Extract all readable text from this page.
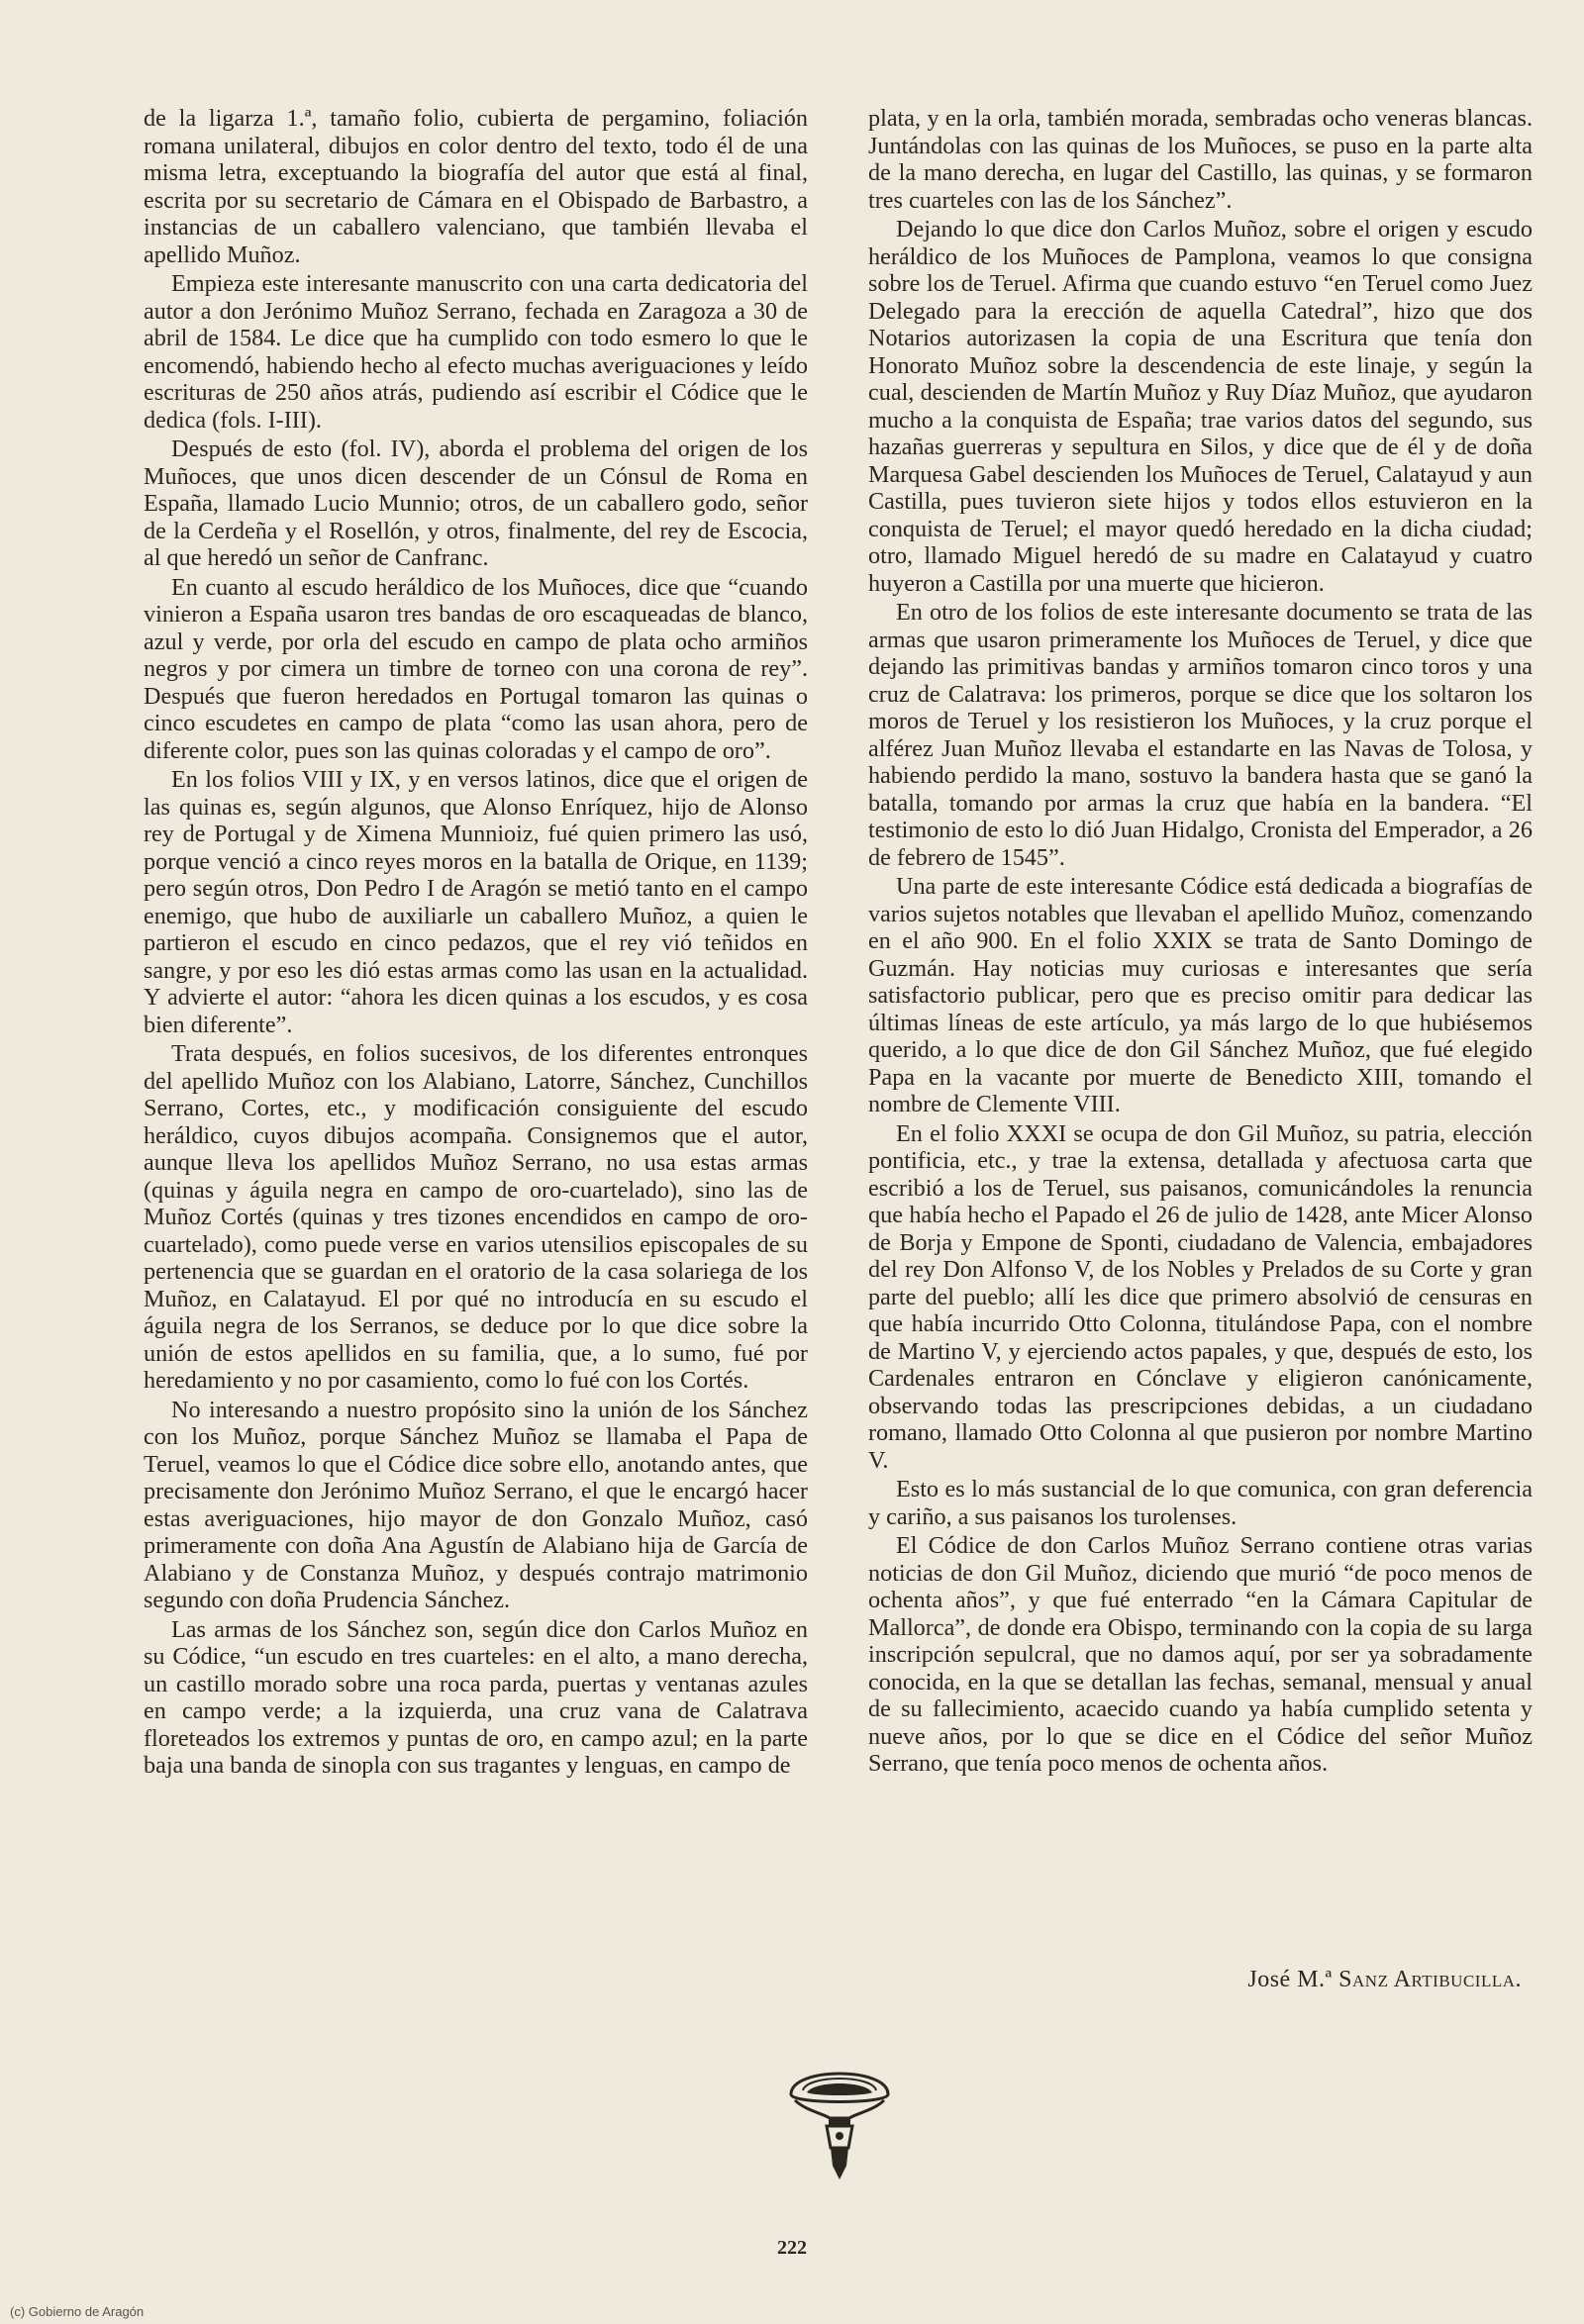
de la ligarza 1.ª, tamaño folio, cubierta de pergamino, foliación romana unilateral, dibujos en color dentro del texto, todo él de una misma letra, exceptuando la biografía del autor que está al final, escrita por su secretario de Cámara en el Obispado de Barbastro, a instancias de un caballero valenciano, que también llevaba el apellido Muñoz.

Empieza este interesante manuscrito con una carta dedicatoria del autor a don Jerónimo Muñoz Serrano, fechada en Zaragoza a 30 de abril de 1584. Le dice que ha cumplido con todo esmero lo que le encomendó, habiendo hecho al efecto muchas averiguaciones y leído escrituras de 250 años atrás, pudiendo así escribir el Códice que le dedica (fols. I-III).

Después de esto (fol. IV), aborda el problema del origen de los Muñoces, que unos dicen descender de un Cónsul de Roma en España, llamado Lucio Munnio; otros, de un caballero godo, señor de la Cerdeña y el Rosellón, y otros, finalmente, del rey de Escocia, al que heredó un señor de Canfranc.

En cuanto al escudo heráldico de los Muñoces, dice que “cuando vinieron a España usaron tres bandas de oro escaqueadas de blanco, azul y verde, por orla del escudo en campo de plata ocho armiños negros y por cimera un timbre de torneo con una corona de rey”. Después que fueron heredados en Portugal tomaron las quinas o cinco escudetes en campo de plata “como las usan ahora, pero de diferente color, pues son las quinas coloradas y el campo de oro”.

En los folios VIII y IX, y en versos latinos, dice que el origen de las quinas es, según algunos, que Alonso Enríquez, hijo de Alonso rey de Portugal y de Ximena Munnioiz, fué quien primero las usó, porque venció a cinco reyes moros en la batalla de Orique, en 1139; pero según otros, Don Pedro I de Aragón se metió tanto en el campo enemigo, que hubo de auxiliarle un caballero Muñoz, a quien le partieron el escudo en cinco pedazos, que el rey vió teñidos en sangre, y por eso les dió estas armas como las usan en la actualidad. Y advierte el autor: “ahora les dicen quinas a los escudos, y es cosa bien diferente”.

Trata después, en folios sucesivos, de los diferentes entronques del apellido Muñoz con los Alabiano, Latorre, Sánchez, Cunchillos Serrano, Cortes, etc., y modificación consiguiente del escudo heráldico, cuyos dibujos acompaña. Consignemos que el autor, aunque lleva los apellidos Muñoz Serrano, no usa estas armas (quinas y águila negra en campo de oro-cuartelado), sino las de Muñoz Cortés (quinas y tres tizones encendidos en campo de oro-cuartelado), como puede verse en varios utensilios episcopales de su pertenencia que se guardan en el oratorio de la casa solariega de los Muñoz, en Calatayud. El por qué no introducía en su escudo el águila negra de los Serranos, se deduce por lo que dice sobre la unión de estos apellidos en su familia, que, a lo sumo, fué por heredamiento y no por casamiento, como lo fué con los Cortés.

No interesando a nuestro propósito sino la unión de los Sánchez con los Muñoz, porque Sánchez Muñoz se llamaba el Papa de Teruel, veamos lo que el Códice dice sobre ello, anotando antes, que precisamente don Jerónimo Muñoz Serrano, el que le encargó hacer estas averiguaciones, hijo mayor de don Gonzalo Muñoz, casó primeramente con doña Ana Agustín de Alabiano hija de García de Alabiano y de Constanza Muñoz, y después contrajo matrimonio segundo con doña Prudencia Sánchez.

Las armas de los Sánchez son, según dice don Carlos Muñoz en su Códice, “un escudo en tres cuarteles: en el alto, a mano derecha, un castillo morado sobre una roca parda, puertas y ventanas azules en campo verde; a la izquierda, una cruz vana de Calatrava floreteados los extremos y puntas de oro, en campo azul; en la parte baja una banda de sinopla con sus tragantes y lenguas, en campo de

plata, y en la orla, también morada, sembradas ocho veneras blancas. Juntándolas con las quinas de los Muñoces, se puso en la parte alta de la mano derecha, en lugar del Castillo, las quinas, y se formaron tres cuarteles con las de los Sánchez”.

Dejando lo que dice don Carlos Muñoz, sobre el origen y escudo heráldico de los Muñoces de Pamplona, veamos lo que consigna sobre los de Teruel. Afirma que cuando estuvo “en Teruel como Juez Delegado para la erección de aquella Catedral”, hizo que dos Notarios autorizasen la copia de una Escritura que tenía don Honorato Muñoz sobre la descendencia de este linaje, y según la cual, descienden de Martín Muñoz y Ruy Díaz Muñoz, que ayudaron mucho a la conquista de España; trae varios datos del segundo, sus hazañas guerreras y sepultura en Silos, y dice que de él y de doña Marquesa Gabel descienden los Muñoces de Teruel, Calatayud y aun Castilla, pues tuvieron siete hijos y todos ellos estuvieron en la conquista de Teruel; el mayor quedó heredado en la dicha ciudad; otro, llamado Miguel heredó de su madre en Calatayud y cuatro huyeron a Castilla por una muerte que hicieron.

En otro de los folios de este interesante documento se trata de las armas que usaron primeramente los Muñoces de Teruel, y dice que dejando las primitivas bandas y armiños tomaron cinco toros y una cruz de Calatrava: los primeros, porque se dice que los soltaron los moros de Teruel y los resistieron los Muñoces, y la cruz porque el alférez Juan Muñoz llevaba el estandarte en las Navas de Tolosa, y habiendo perdido la mano, sostuvo la bandera hasta que se ganó la batalla, tomando por armas la cruz que había en la bandera. “El testimonio de esto lo dió Juan Hidalgo, Cronista del Emperador, a 26 de febrero de 1545”.

Una parte de este interesante Códice está dedicada a biografías de varios sujetos notables que llevaban el apellido Muñoz, comenzando en el año 900. En el folio XXIX se trata de Santo Domingo de Guzmán. Hay noticias muy curiosas e interesantes que sería satisfactorio publicar, pero que es preciso omitir para dedicar las últimas líneas de este artículo, ya más largo de lo que hubiésemos querido, a lo que dice de don Gil Sánchez Muñoz, que fué elegido Papa en la vacante por muerte de Benedicto XIII, tomando el nombre de Clemente VIII.

En el folio XXXI se ocupa de don Gil Muñoz, su patria, elección pontificia, etc., y trae la extensa, detallada y afectuosa carta que escribió a los de Teruel, sus paisanos, comunicándoles la renuncia que había hecho el Papado el 26 de julio de 1428, ante Micer Alonso de Borja y Empone de Sponti, ciudadano de Valencia, embajadores del rey Don Alfonso V, de los Nobles y Prelados de su Corte y gran parte del pueblo; allí les dice que primero absolvió de censuras en que había incurrido Otto Colonna, titulándose Papa, con el nombre de Martino V, y ejerciendo actos papales, y que, después de esto, los Cardenales entraron en Cónclave y eligieron canónicamente, observando todas las prescripciones debidas, a un ciudadano romano, llamado Otto Colonna al que pusieron por nombre Martino V.

Esto es lo más sustancial de lo que comunica, con gran deferencia y cariño, a sus paisanos los turolenses.

El Códice de don Carlos Muñoz Serrano contiene otras varias noticias de don Gil Muñoz, diciendo que murió “de poco menos de ochenta años”, y que fué enterrado “en la Cámara Capitular de Mallorca”, de donde era Obispo, terminando con la copia de su larga inscripción sepulcral, que no damos aquí, por ser ya sobradamente conocida, en la que se detallan las fechas, semanal, mensual y anual de su fallecimiento, acaecido cuando ya había cumplido setenta y nueve años, por lo que se dice en el Códice del señor Muñoz Serrano, que tenía poco menos de ochenta años.

José M.ª Sanz Artibucilla.
222
(c) Gobierno de Aragón
